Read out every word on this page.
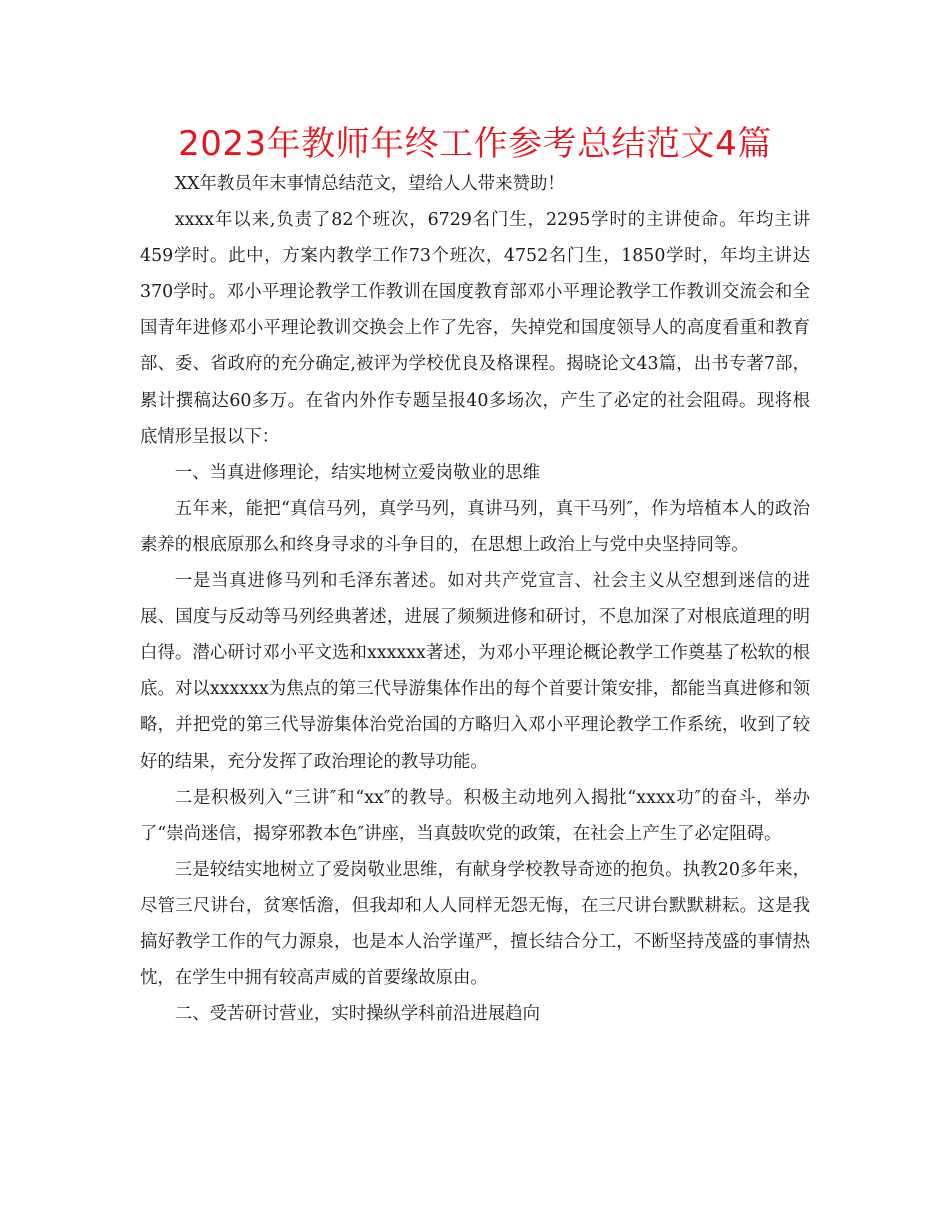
2023年教师年终工作参考总结范文4篇

XX年教员年末事情总结范文，望给人人带来赞助！

xxxx年以来,负责了82个班次，6729名门生，2295学时的主讲使命。年均主讲459学时。此中，方案内教学工作73个班次，4752名门生，1850学时，年均主讲达370学时。邓小平理论教学工作教训在国度教育部邓小平理论教学工作教训交流会和全国青年进修邓小平理论教训交换会上作了先容，失掉党和国度领导人的高度看重和教育部、委、省政府的充分确定,被评为学校优良及格课程。揭晓论文43篇，出书专著7部，累计撰稿达60多万。在省内外作专题呈报40多场次，产生了必定的社会阻碍。现将根底情形呈报以下：

一、当真进修理论，结实地树立爱岗敬业的思维

五年来，能把“真信马列，真学马列，真讲马列，真干马列″，作为培植本人的政治素养的根底原那么和终身寻求的斗争目的，在思想上政治上与党中央坚持同等。

一是当真进修马列和毛泽东著述。如对共产党宣言、社会主义从空想到迷信的进展、国度与反动等马列经典著述，进展了频频进修和研讨，不息加深了对根底道理的明白得。潜心研讨邓小平文选和xxxxxx著述，为邓小平理论概论教学工作奠基了松软的根底。对以xxxxxx为焦点的第三代导游集体作出的每个首要计策安排，都能当真进修和领略，并把党的第三代导游集体治党治国的方略归入邓小平理论教学工作系统，收到了较好的结果，充分发挥了政治理论的教导功能。

二是积极列入“三讲″和“xx″的教导。积极主动地列入揭批“xxxx功″的奋斗，举办了“崇尚迷信，揭穿邪教本色″讲座，当真鼓吹党的政策，在社会上产生了必定阻碍。

三是较结实地树立了爱岗敬业思维，有献身学校教导奇迹的抱负。执教20多年来，尽管三尺讲台，贫寒恬澹，但我却和人人同样无怨无悔，在三尺讲台默默耕耘。这是我搞好教学工作的气力源泉，也是本人治学谨严，擅长结合分工，不断坚持茂盛的事情热忱，在学生中拥有较高声威的首要缘故原由。

二、受苦研讨营业，实时操纵学科前沿进展趋向
